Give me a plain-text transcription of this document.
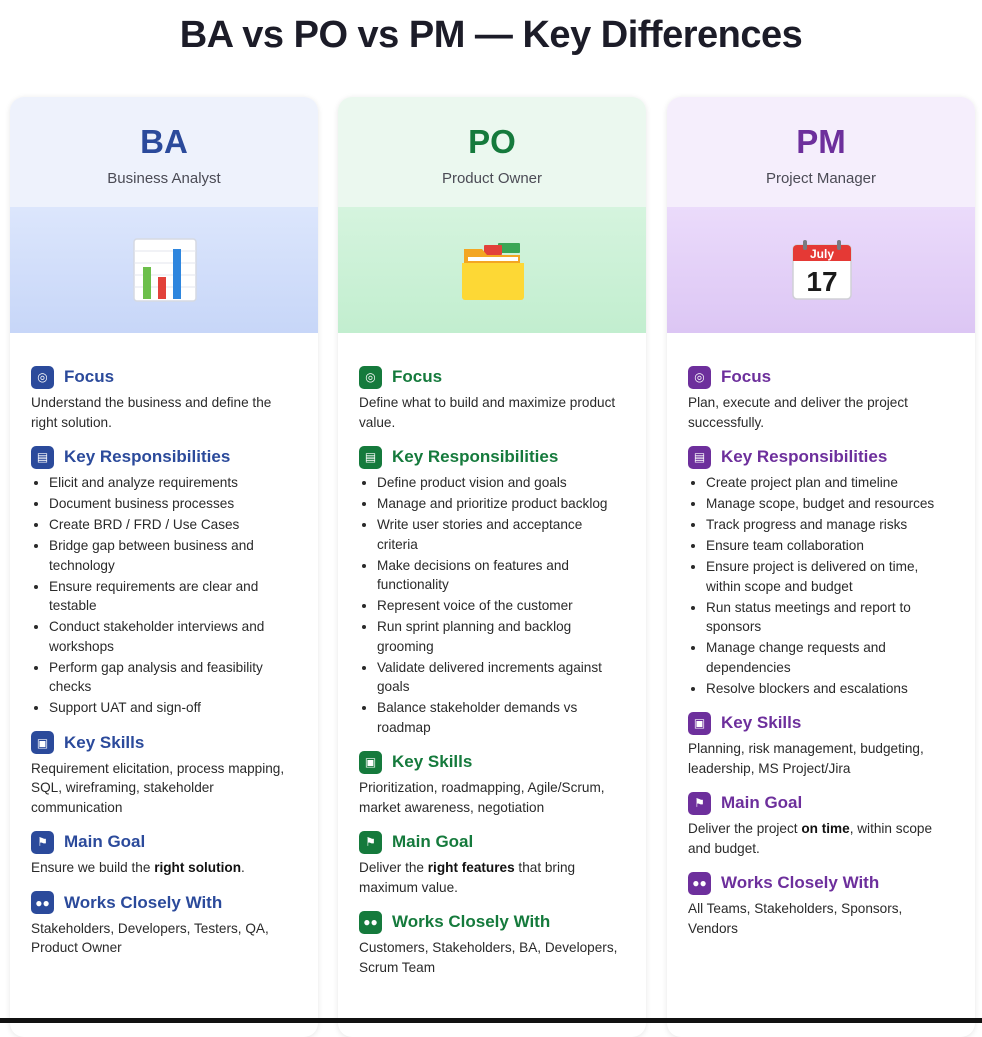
BA vs PO vs PM — Key Differences
BA
Business Analyst
◎ Focus

Understand the business and define the right solution.

▤ Key Responsibilities
• Elicit and analyze requirements
• Document business processes
• Create BRD / FRD / Use Cases
• Bridge gap between business and technology
• Ensure requirements are clear and testable
• Conduct stakeholder interviews and workshops
• Perform gap analysis and feasibility checks
• Support UAT and sign-off
▣ Key Skills

Requirement elicitation, process mapping, SQL, wireframing, stakeholder communication

⚑ Main Goal

Ensure we build the right solution.

●● Works Closely With

Stakeholders, Developers, Testers, QA, Product Owner

PO
Product Owner
◎ Focus

Define what to build and maximize product value.

▤ Key Responsibilities
• Define product vision and goals
• Manage and prioritize product backlog
• Write user stories and acceptance criteria
• Make decisions on features and functionality
• Represent voice of the customer
• Run sprint planning and backlog grooming
• Validate delivered increments against goals
• Balance stakeholder demands vs roadmap
▣ Key Skills

Prioritization, roadmapping, Agile/Scrum, market awareness, negotiation

⚑ Main Goal

Deliver the right features that bring maximum value.

●● Works Closely With

Customers, Stakeholders, BA, Developers, Scrum Team

PM
Project Manager
July
17
◎ Focus

Plan, execute and deliver the project successfully.

▤ Key Responsibilities
• Create project plan and timeline
• Manage scope, budget and resources
• Track progress and manage risks
• Ensure team collaboration
• Ensure project is delivered on time, within scope and budget
• Run status meetings and report to sponsors
• Manage change requests and dependencies
• Resolve blockers and escalations
▣ Key Skills

Planning, risk management, budgeting, leadership, MS Project/Jira

⚑ Main Goal

Deliver the project on time, within scope and budget.

●● Works Closely With

All Teams, Stakeholders, Sponsors, Vendors
